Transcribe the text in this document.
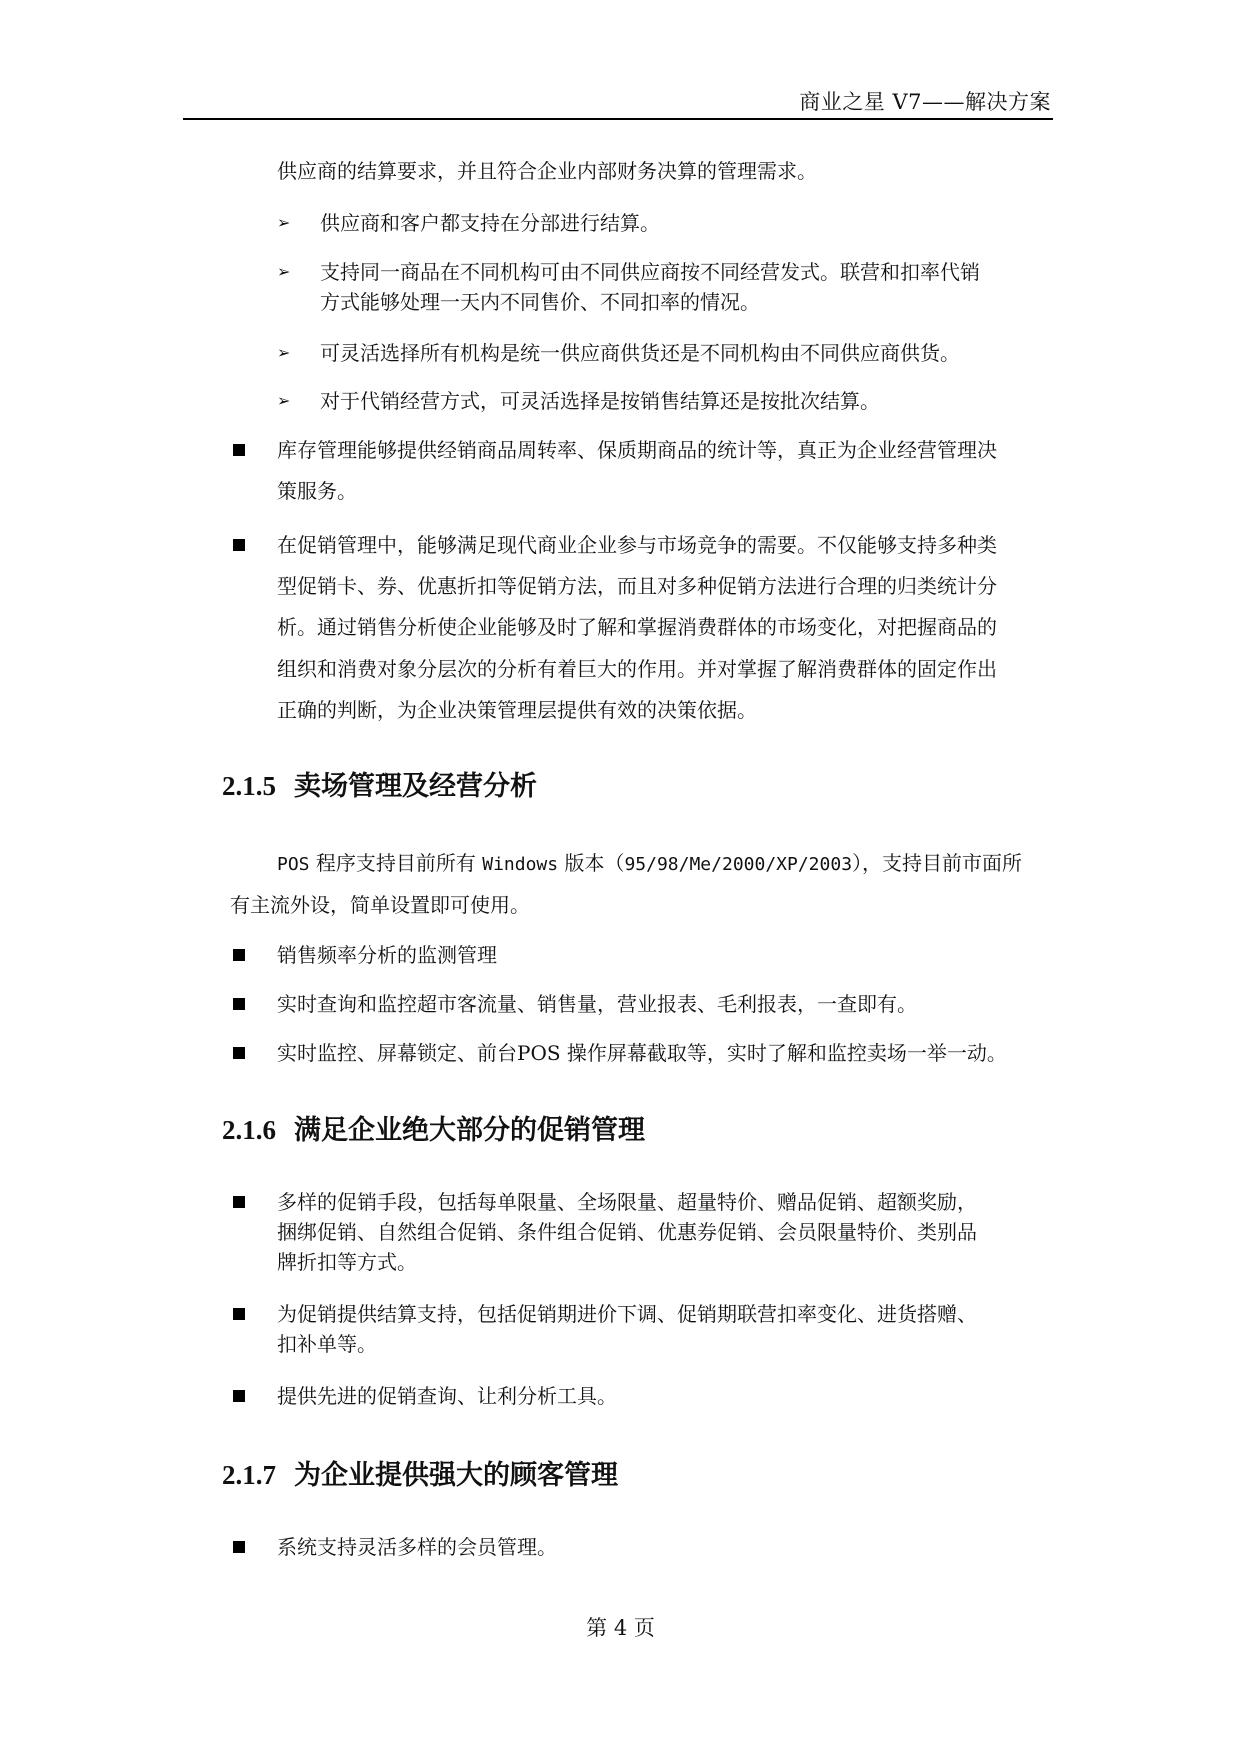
商业之星 V7——解决方案
供应商的结算要求，并且符合企业内部财务决算的管理需求。
➢ 供应商和客户都支持在分部进行结算。
➢ 支持同一商品在不同机构可由不同供应商按不同经营发式。联营和扣率代销
方式能够处理一天内不同售价、不同扣率的情况。
➢ 可灵活选择所有机构是统一供应商供货还是不同机构由不同供应商供货。
➢ 对于代销经营方式，可灵活选择是按销售结算还是按批次结算。
库存管理能够提供经销商品周转率、保质期商品的统计等，真正为企业经营管理决
策服务。
在促销管理中，能够满足现代商业企业参与市场竞争的需要。不仅能够支持多种类
型促销卡、券、优惠折扣等促销方法，而且对多种促销方法进行合理的归类统计分
析。通过销售分析使企业能够及时了解和掌握消费群体的市场变化，对把握商品的
组织和消费对象分层次的分析有着巨大的作用。并对掌握了解消费群体的固定作出
正确的判断，为企业决策管理层提供有效的决策依据。
2.1.5 卖场管理及经营分析
POS 程序支持目前所有 Windows 版本（95/98/Me/2000/XP/2003），支持目前市面所
有主流外设，简单设置即可使用。
销售频率分析的监测管理
实时查询和监控超市客流量、销售量，营业报表、毛利报表，一查即有。
实时监控、屏幕锁定、前台POS 操作屏幕截取等，实时了解和监控卖场一举一动。
2.1.6 满足企业绝大部分的促销管理
多样的促销手段，包括每单限量、全场限量、超量特价、赠品促销、超额奖励，
捆绑促销、自然组合促销、条件组合促销、优惠券促销、会员限量特价、类别品
牌折扣等方式。
为促销提供结算支持，包括促销期进价下调、促销期联营扣率变化、进货搭赠、
扣补单等。
提供先进的促销查询、让利分析工具。
2.1.7 为企业提供强大的顾客管理
系统支持灵活多样的会员管理。
第 4 页
